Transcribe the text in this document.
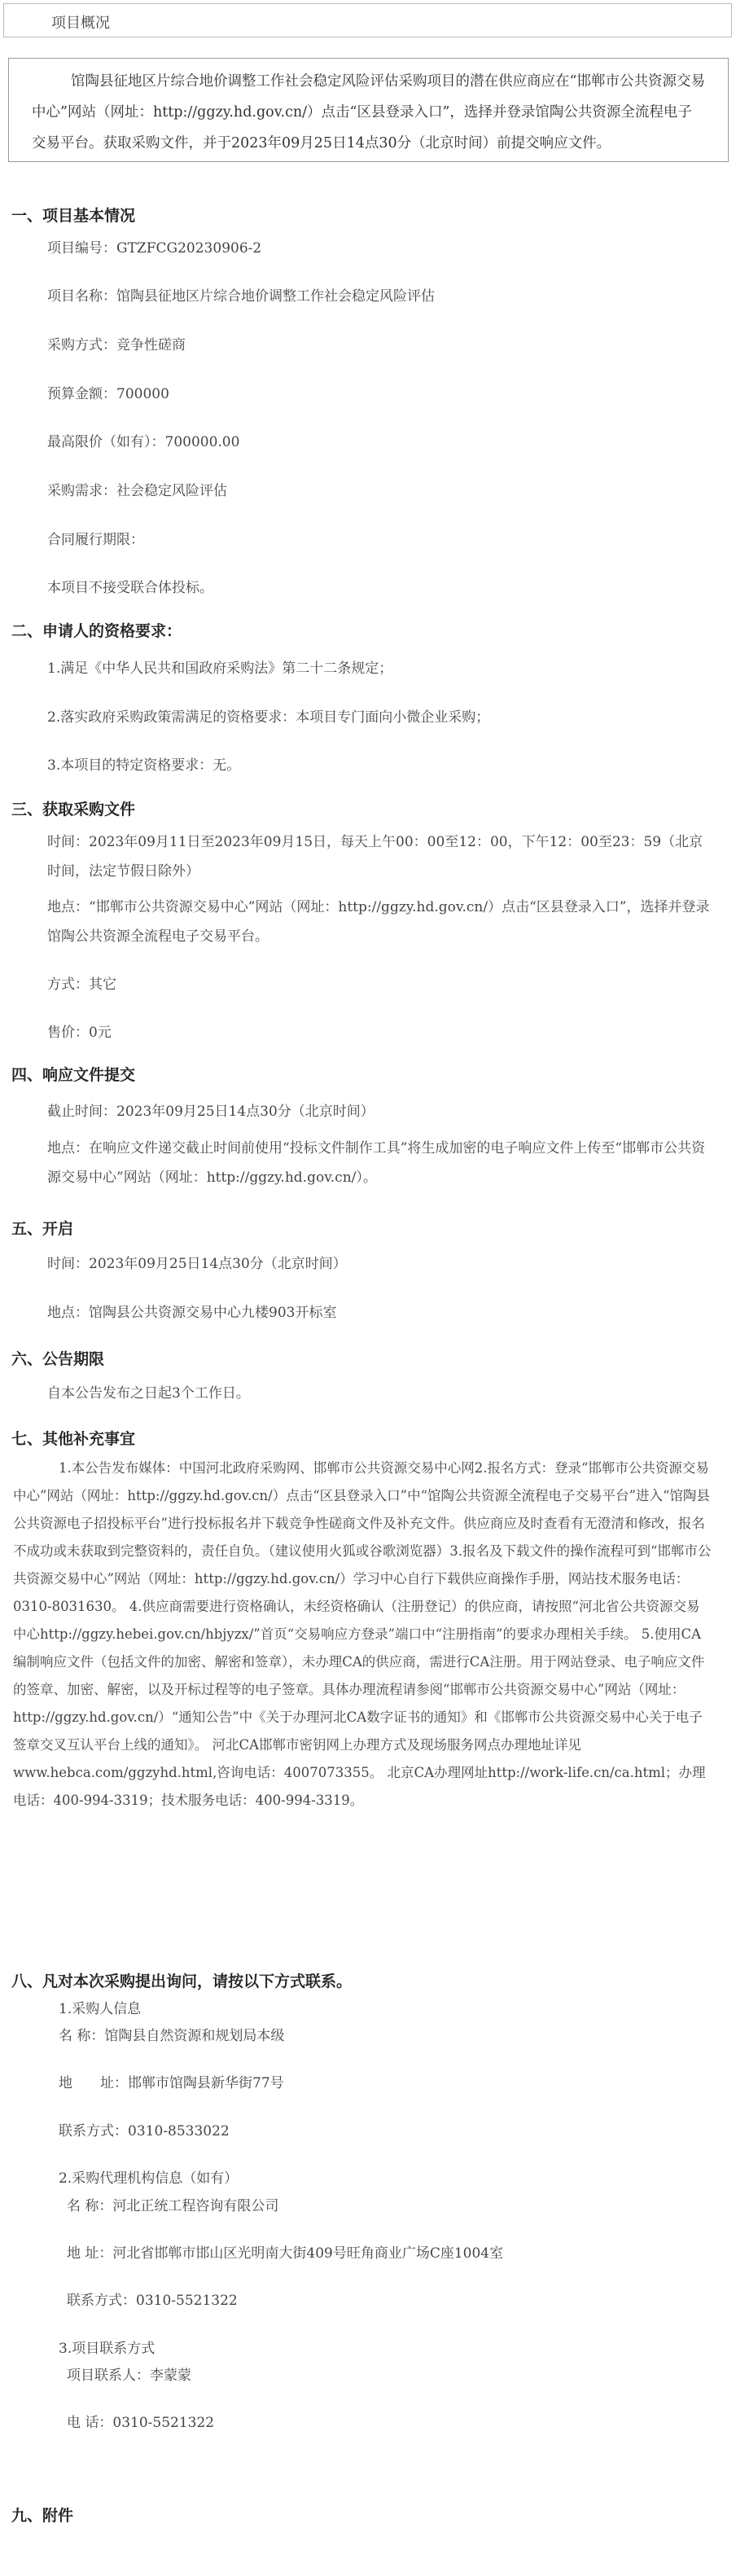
项目概况

馆陶县征地区片综合地价调整工作社会稳定风险评估采购项目的潜在供应商应在“邯郸市公共资源交易中心”网站（网址：http://ggzy.hd.gov.cn/）点击“区县登录入口”，选择并登录馆陶公共资源全流程电子交易平台。获取采购文件，并于2023年09月25日14点30分（北京时间）前提交响应文件。

一、项目基本情况
项目编号：GTZFCG20230906-2
项目名称：馆陶县征地区片综合地价调整工作社会稳定风险评估
采购方式：竞争性磋商
预算金额：700000
最高限价（如有）：700000.00
采购需求：社会稳定风险评估
合同履行期限：
本项目不接受联合体投标。
二、申请人的资格要求：
1.满足《中华人民共和国政府采购法》第二十二条规定；
2.落实政府采购政策需满足的资格要求：本项目专门面向小微企业采购；
3.本项目的特定资格要求：无。
三、获取采购文件

时间：2023年09月11日至2023年09月15日，每天上午00：00至12：00，下午12：00至23：59（北京时间，法定节假日除外）

地点：“邯郸市公共资源交易中心”网站（网址：http://ggzy.hd.gov.cn/）点击“区县登录入口”，选择并登录馆陶公共资源全流程电子交易平台。

方式：其它
售价：0元
四、响应文件提交
截止时间：2023年09月25日14点30分（北京时间）

地点：在响应文件递交截止时间前使用“投标文件制作工具”将生成加密的电子响应文件上传至“邯郸市公共资源交易中心”网站（网址：http://ggzy.hd.gov.cn/）。

五、开启
时间：2023年09月25日14点30分（北京时间）
地点：馆陶县公共资源交易中心九楼903开标室
六、公告期限
自本公告发布之日起3个工作日。
七、其他补充事宜

1.本公告发布媒体：中国河北政府采购网、邯郸市公共资源交易中心网2.报名方式：登录“邯郸市公共资源交易中心”网站（网址：http://ggzy.hd.gov.cn/）点击“区县登录入口”中“馆陶公共资源全流程电子交易平台”进入“馆陶县公共资源电子招投标平台”进行投标报名并下载竞争性磋商文件及补充文件。供应商应及时查看有无澄清和修改，报名不成功或未获取到完整资料的，责任自负。（建议使用火狐或谷歌浏览器）3.报名及下载文件的操作流程可到“邯郸市公共资源交易中心”网站（网址：http://ggzy.hd.gov.cn/）学习中心自行下载供应商操作手册，网站技术服务电话：0310-8031630。 4.供应商需要进行资格确认，未经资格确认（注册登记）的供应商，请按照“河北省公共资源交易中心http://ggzy.hebei.gov.cn/hbjyzx/”首页“交易响应方登录”端口中“注册指南”的要求办理相关手续。 5.使用CA编制响应文件（包括文件的加密、解密和签章），未办理CA的供应商，需进行CA注册。用于网站登录、电子响应文件的签章、加密、解密，以及开标过程等的电子签章。具体办理流程请参阅“邯郸市公共资源交易中心”网站（网址：http://ggzy.hd.gov.cn/）“通知公告”中《关于办理河北CA数字证书的通知》和《邯郸市公共资源交易中心关于电子签章交叉互认平台上线的通知》。 河北CA邯郸市密钥网上办理方式及现场服务网点办理地址详见www.hebca.com/ggzyhd.html,咨询电话：4007073355。 北京CA办理网址http://work-life.cn/ca.html；办理电话：400-994-3319；技术服务电话：400-994-3319。

八、凡对本次采购提出询问，请按以下方式联系。
1.采购人信息
名 称：馆陶县自然资源和规划局本级
地　　址：邯郸市馆陶县新华街77号
联系方式：0310-8533022
2.采购代理机构信息（如有）
名 称：河北正统工程咨询有限公司
地 址：河北省邯郸市邯山区光明南大街409号旺角商业广场C座1004室
联系方式：0310-5521322
3.项目联系方式
项目联系人：李蒙蒙
电 话：0310-5521322
九、附件
